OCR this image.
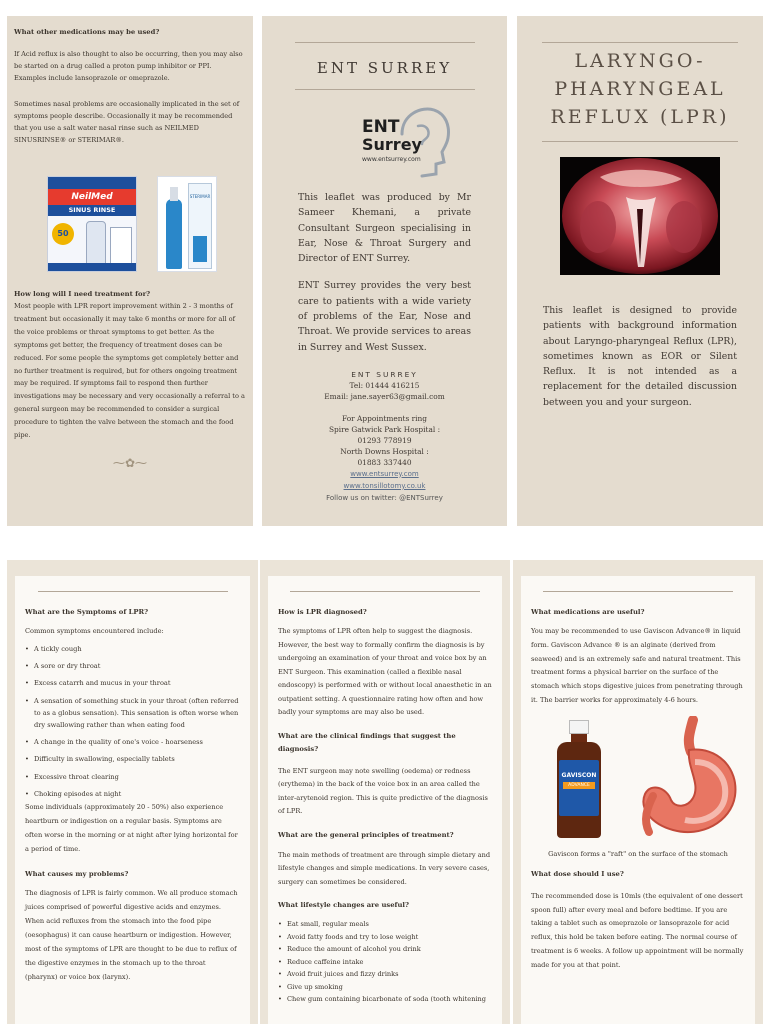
What other medications may be used?
If Acid reflux is also thought to also be occurring, then you may also be started on a drug called a proton pump inhibitor or PPI. Examples include lansoprazole or omeprazole.
Sometimes nasal problems are occasionally implicated in the set of symptoms people describe. Occasionally it may be recommended that you use a salt water nasal rinse such as NEILMED SINUSRINSE® or STERIMAR®.
NeilMed
SINUS RINSE
50
STERIMAR
How long will I need treatment for?
Most people with LPR report improvement within 2 - 3 months of treatment but occasionally it may take 6 months or more for all of the voice problems or throat symptoms to get better. As the symptoms get better, the frequency of treatment doses can be reduced. For some people the symptoms get completely better and no further treatment is required, but for others ongoing treatment may be required. If symptoms fail to respond then further investigations may be necessary and very occasionally a referral to a general surgeon may be recommended to consider a surgical procedure to tighten the valve between the stomach and the food pipe.
⁓✿⁓
ENT SURREY
ENT
Surrey
www.entsurrey.com
This leaflet was produced by Mr Sameer Khemani, a private Consultant Surgeon specialising in Ear, Nose & Throat Surgery and Director of ENT Surrey.
ENT Surrey provides the very best care to patients with a wide variety of problems of the Ear, Nose and Throat. We provide services to areas in Surrey and West Sussex.
ENT SURREY
Tel: 01444 416215
Email: jane.sayer63@gmail.com
For Appointments ring
Spire Gatwick Park Hospital :
01293 778919
North Downs Hospital :
01883 337440
www.entsurrey.com
www.tonsillotomy.co.uk
Follow us on twitter: @ENTSurrey
LARYNGO-
PHARYNGEAL
REFLUX (LPR)
This leaflet is designed to provide patients with background information about Laryngo-pharyngeal Reflux (LPR), sometimes known as EOR or Silent Reflux. It is not intended as a replacement for the detailed discussion between you and your surgeon.
What are the Symptoms of LPR?
Common symptoms encountered include:
• A tickly cough
• A sore or dry throat
• Excess catarrh and mucus in your throat
• A sensation of something stuck in your throat (often referred to as a globus sensation). This sensation is often worse when dry swallowing rather than when eating food
• A change in the quality of one's voice - hoarseness
• Difficulty in swallowing, especially tablets
• Excessive throat clearing
• Choking episodes at night
Some individuals (approximately 20 - 50%) also experience heartburn or indigestion on a regular basis. Symptoms are often worse in the morning or at night after lying horizontal for a period of time.
What causes my problems?
The diagnosis of LPR is fairly common. We all produce stomach juices comprised of powerful digestive acids and enzymes. When acid refluxes from the stomach into the food pipe (oesophagus) it can cause heartburn or indigestion. However, most of the symptoms of LPR are thought to be due to reflux of the digestive enzymes in the stomach up to the throat (pharynx) or voice box (larynx).
How is LPR diagnosed?
The symptoms of LPR often help to suggest the diagnosis. However, the best way to formally confirm the diagnosis is by undergoing an examination of your throat and voice box by an ENT Surgeon. This examination (called a flexible nasal endoscopy) is performed with or without local anaesthetic in an outpatient setting. A questionnaire rating how often and how badly your symptoms are may also be used.
What are the clinical findings that suggest the diagnosis?
The ENT surgeon may note swelling (oedema) or redness (erythema) in the back of the voice box in an area called the inter-arytenoid region. This is quite predictive of the diagnosis of LPR.
What are the general principles of treatment?
The main methods of treatment are through simple dietary and lifestyle changes and simple medications. In very severe cases, surgery can sometimes be considered.
What lifestyle changes are useful?
• Eat small, regular meals
• Avoid fatty foods and try to lose weight
• Reduce the amount of alcohol you drink
• Reduce caffeine intake
• Avoid fruit juices and fizzy drinks
• Give up smoking
• Chew gum containing bicarbonate of soda (tooth whitening
What medications are useful?
You may be recommended to use Gaviscon Advance® in liquid form. Gaviscon Advance ® is an alginate (derived from seaweed) and is an extremely safe and natural treatment. This treatment forms a physical barrier on the surface of the stomach which stops digestive juices from penetrating through it. The barrier works for approximately 4-6 hours.
GAVISCON
ADVANCE
Gaviscon forms a "raft" on the surface of the stomach
What dose should I use?
The recommended dose is 10mls (the equivalent of one dessert spoon full) after every meal and before bedtime. If you are taking a tablet such as omeprazole or lansoprazole for acid reflux, this hold be taken before eating. The normal course of treatment is 6 weeks. A follow up appointment will be normally made for you at that point.
